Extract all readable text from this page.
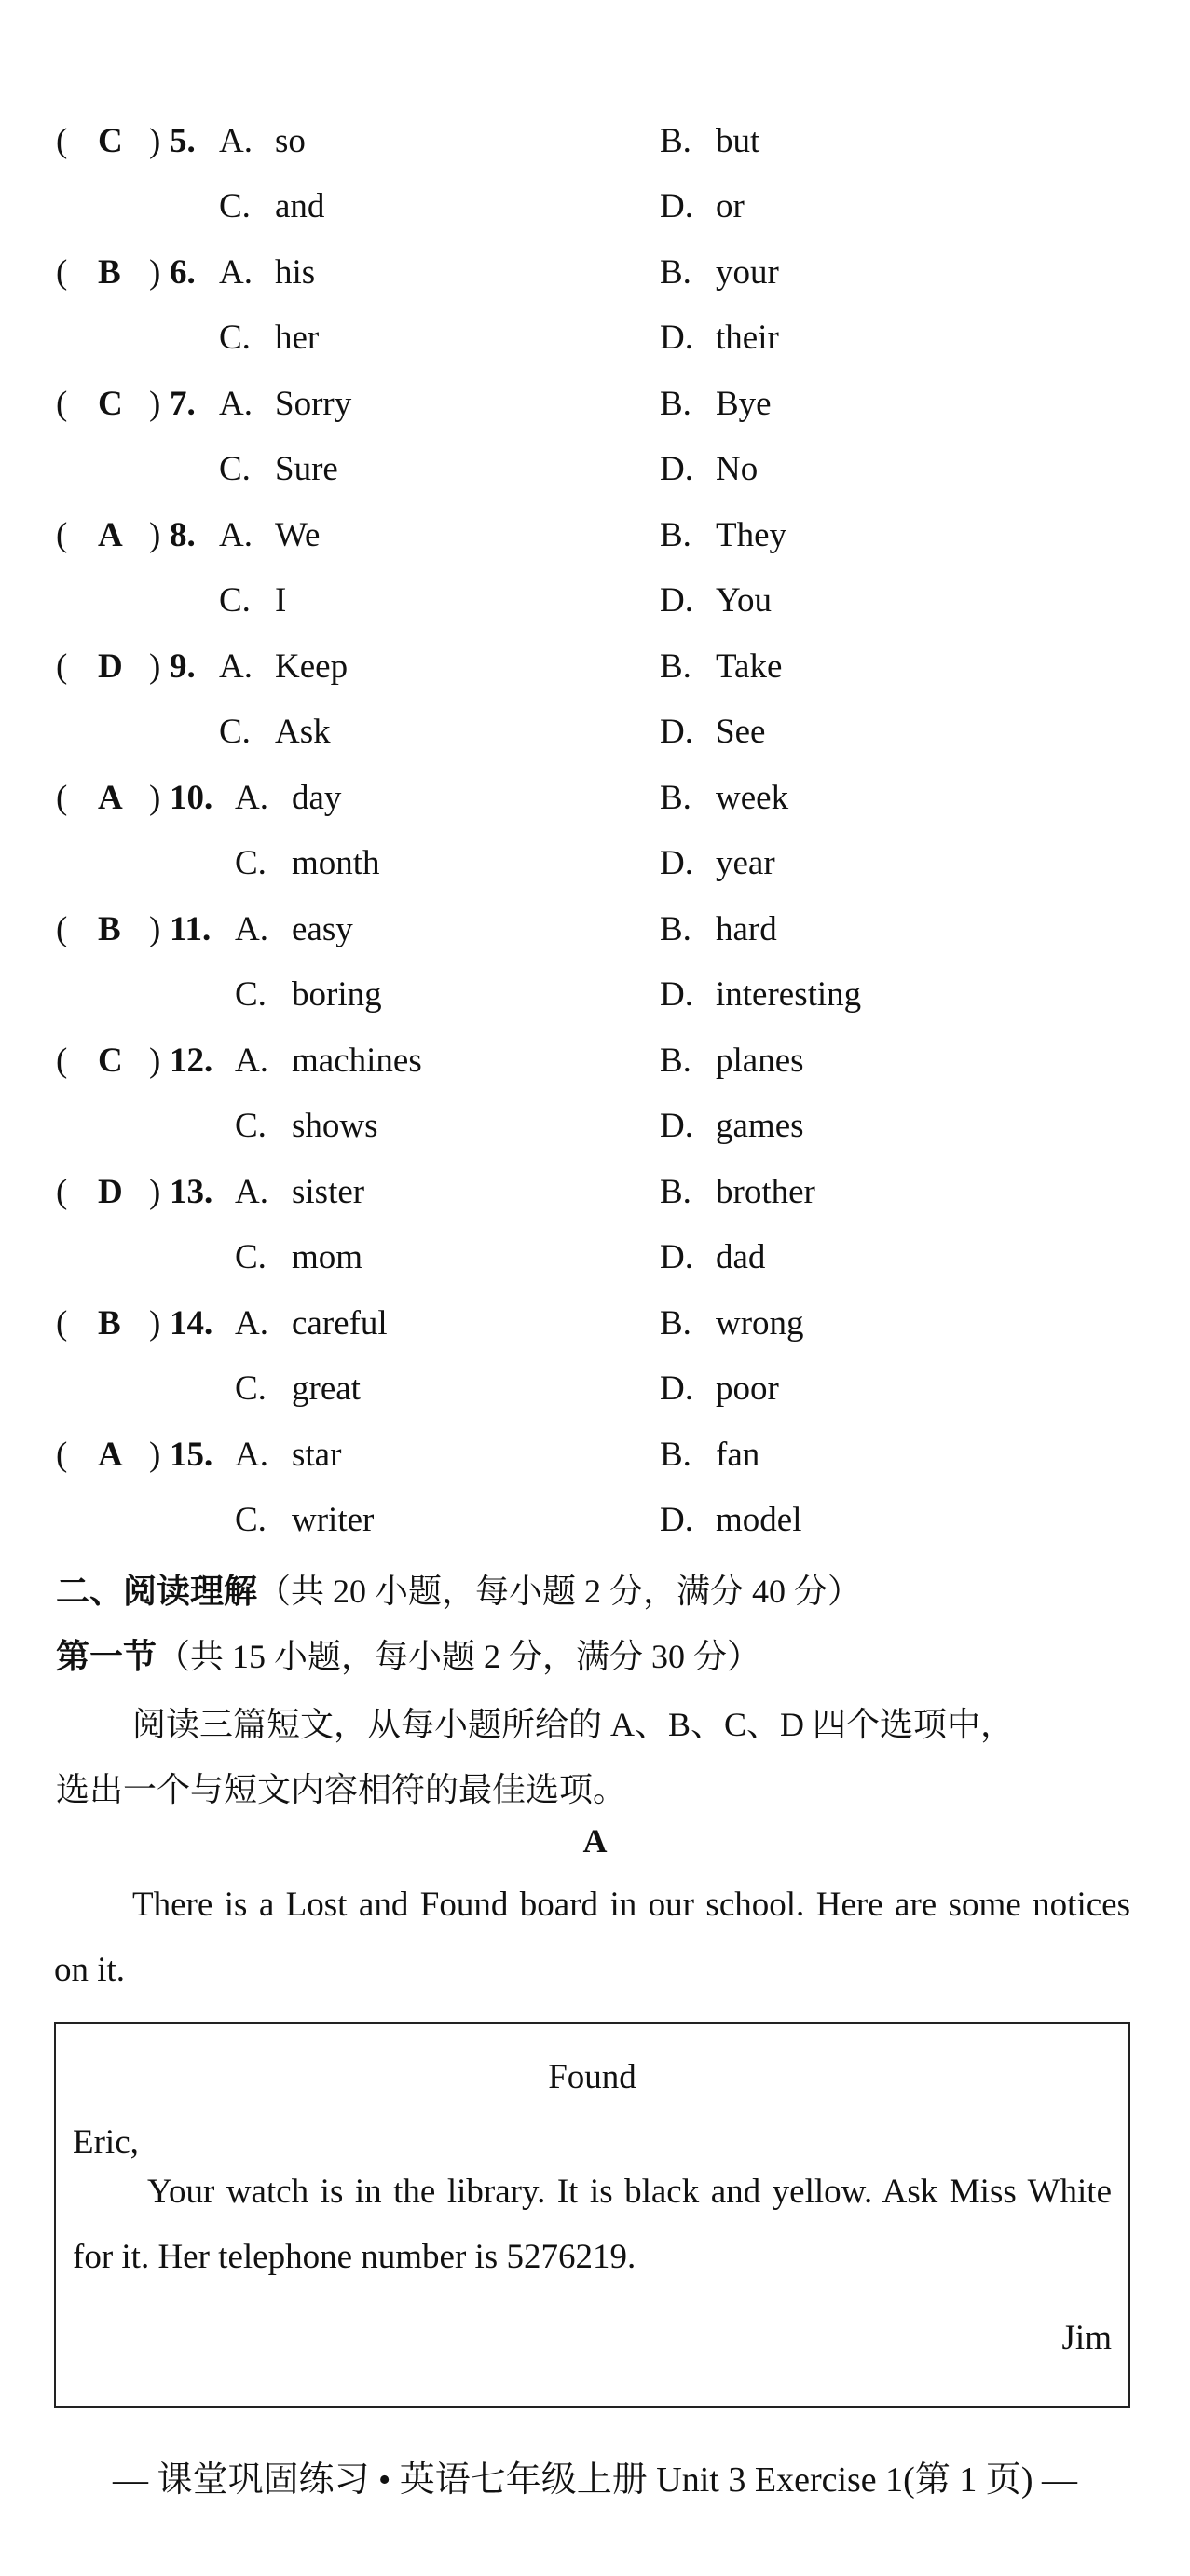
( C ) 5. A. so	B. but
C. and	D. or
( B ) 6. A. his	B. your
C. her	D. their
( C ) 7. A. Sorry	B. Bye
C. Sure	D. No
( A ) 8. A. We	B. They
C. I	D. You
( D ) 9. A. Keep	B. Take
C. Ask	D. See
( A ) 10. A. day	B. week
C. month	D. year
( B ) 11. A. easy	B. hard
C. boring	D. interesting
( C ) 12. A. machines	B. planes
C. shows	D. games
( D ) 13. A. sister	B. brother
C. mom	D. dad
( B ) 14. A. careful	B. wrong
C. great	D. poor
( A ) 15. A. star	B. fan
C. writer	D. model
二、阅读理解（共 20 小题，每小题 2 分，满分 40 分）
第一节（共 15 小题，每小题 2 分，满分 30 分）
阅读三篇短文，从每小题所给的 A、B、C、D 四个选项中，
选出一个与短文内容相符的最佳选项。
A
There is a Lost and Found board in our school. Here are some notices on it.
Found
Eric,
Your watch is in the library. It is black and yellow. Ask Miss White for it. Her telephone number is 5276219.
Jim
— 课堂巩固练习 • 英语七年级上册 Unit 3 Exercise 1(第 1 页) —
